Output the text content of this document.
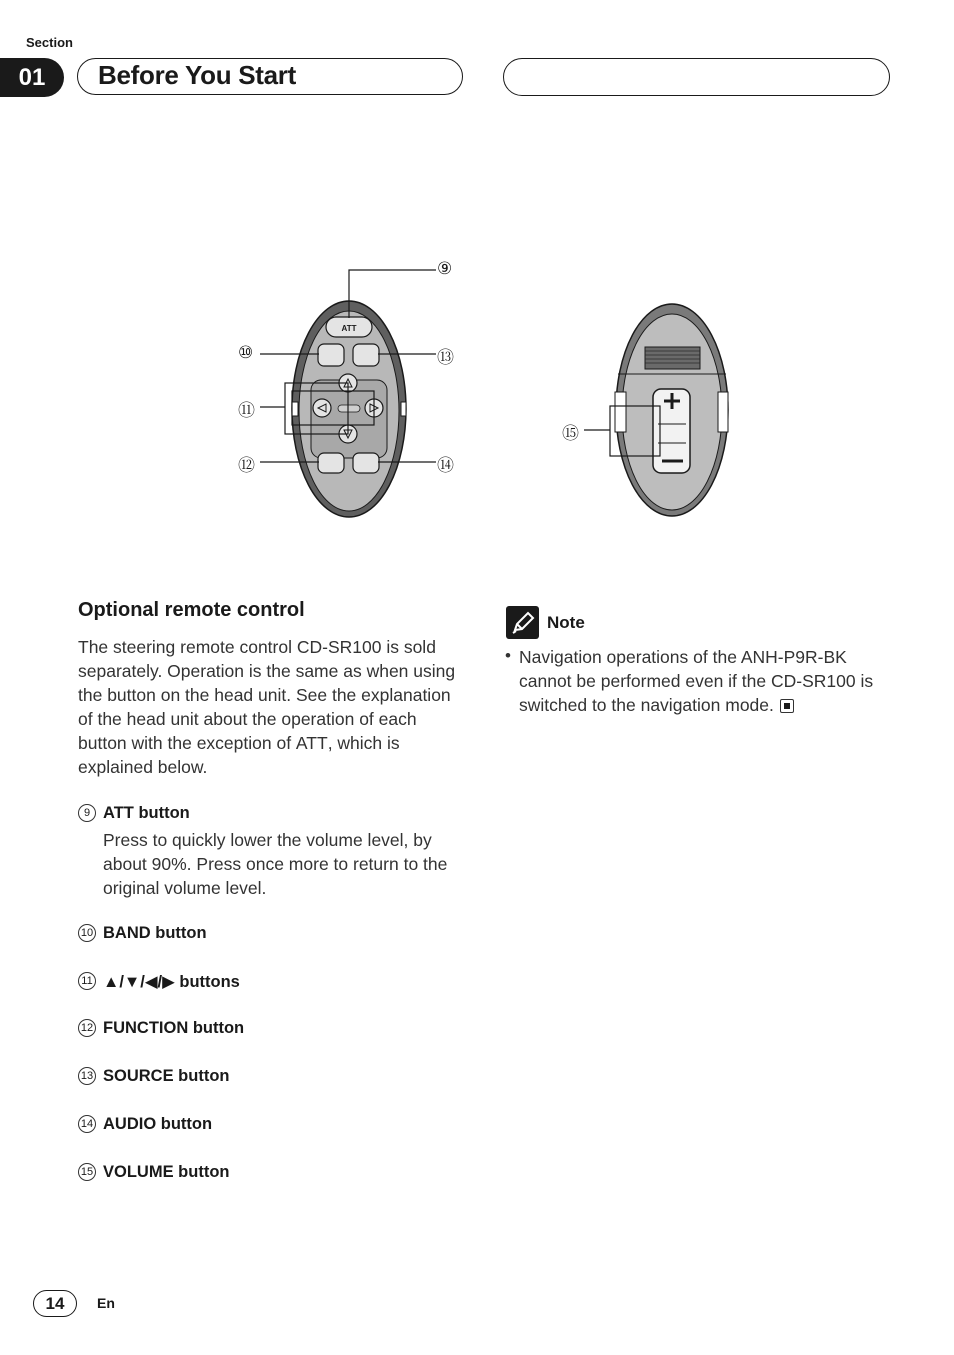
Section
01 Before You Start
ATT
⑨
⑩	⑬
⑪
⑫	⑭
⑮
Optional remote control
The steering remote control CD-SR100 is sold separately. Operation is the same as when using the button on the head unit. See the explanation of the head unit about the operation of each button with the exception of ATT, which is explained below.
9 ATT button
Press to quickly lower the volume level, by about 90%. Press once more to return to the original volume level.
10 BAND button
11 ▲/▼/◀/▶ buttons
12 FUNCTION button
13 SOURCE button
14 AUDIO button
15 VOLUME button
Note
• Navigation operations of the ANH-P9R-BK cannot be performed even if the CD-SR100 is switched to the navigation mode.
14 En
